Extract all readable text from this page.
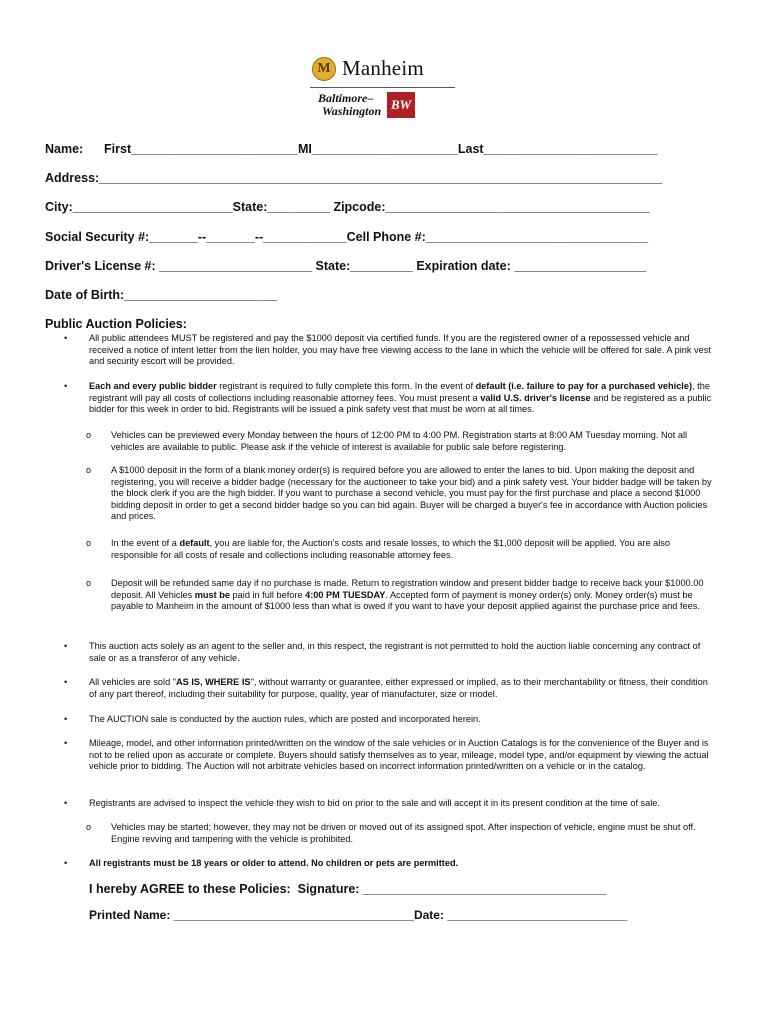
M Manheim
Baltimore–
Washington BW
Name:      First________________________MI_____________________Last_________________________
Address:_________________________________________________________________________________
City:_______________________State:_________ Zipcode:______________________________________
Social Security #:_______--_______--____________Cell Phone #:________________________________
Driver's License #: ______________________ State:_________ Expiration date: ___________________
Date of Birth:______________________
Public Auction Policies:
• All public attendees MUST be registered and pay the $1000 deposit via certified funds. If you are the registered owner of a repossessed vehicle and received a notice of intent letter from the lien holder, you may have free viewing access to the lane in which the vehicle will be offered for sale. A pink vest and security escort will be provided.
• Each and every public bidder registrant is required to fully complete this form. In the event of default (i.e. failure to pay for a purchased vehicle), the registrant will pay all costs of collections including reasonable attorney fees. You must present a valid U.S. driver's license and be registered as a public bidder for this week in order to bid. Registrants will be issued a pink safety vest that must be worn at all times.
o Vehicles can be previewed every Monday between the hours of 12:00 PM to 4:00 PM. Registration starts at 8:00 AM Tuesday morning. Not all vehicles are available to public. Please ask if the vehicle of interest is available for public sale before registering.
o A $1000 deposit in the form of a blank money order(s) is required before you are allowed to enter the lanes to bid. Upon making the deposit and registering, you will receive a bidder badge (necessary for the auctioneer to take your bid) and a pink safety vest. Your bidder badge will be taken by the block clerk if you are the high bidder. If you want to purchase a second vehicle, you must pay for the first purchase and place a second $1000 bidding deposit in order to get a second bidder badge so you can bid again. Buyer will be charged a buyer's fee in accordance with Auction policies and prices.
o In the event of a default, you are liable for, the Auction's costs and resale losses, to which the $1,000 deposit will be applied. You are also responsible for all costs of resale and collections including reasonable attorney fees.
o Deposit will be refunded same day if no purchase is made. Return to registration window and present bidder badge to receive back your $1000.00 deposit. All Vehicles must be paid in full before 4:00 PM TUESDAY. Accepted form of payment is money order(s) only. Money order(s) must be payable to Manheim in the amount of $1000 less than what is owed if you want to have your deposit applied against the purchase price and fees.
• This auction acts solely as an agent to the seller and, in this respect, the registrant is not permitted to hold the auction liable concerning any contract of sale or as a transferor of any vehicle.
• All vehicles are sold "AS IS, WHERE IS", without warranty or guarantee, either expressed or implied, as to their merchantability or fitness, their condition of any part thereof, including their suitability for purpose, quality, year of manufacturer, size or model.
• The AUCTION sale is conducted by the auction rules, which are posted and incorporated herein.
• Mileage, model, and other information printed/written on the window of the sale vehicles or in Auction Catalogs is for the convenience of the Buyer and is not to be relied upon as accurate or complete. Buyers should satisfy themselves as to year, mileage, model type, and/or equipment by viewing the actual vehicle prior to bidding. The Auction will not arbitrate vehicles based on incorrect information printed/written on a vehicle or in the catalog.
• Registrants are advised to inspect the vehicle they wish to bid on prior to the sale and will accept it in its present condition at the time of sale.
o Vehicles may be started; however, they may not be driven or moved out of its assigned spot. After inspection of vehicle, engine must be shut off. Engine revving and tampering with the vehicle is prohibited.
• All registrants must be 18 years or older to attend. No children or pets are permitted.
I hereby AGREE to these Policies:  Signature: ___________________________________
Printed Name: ____________________________________Date: ___________________________
